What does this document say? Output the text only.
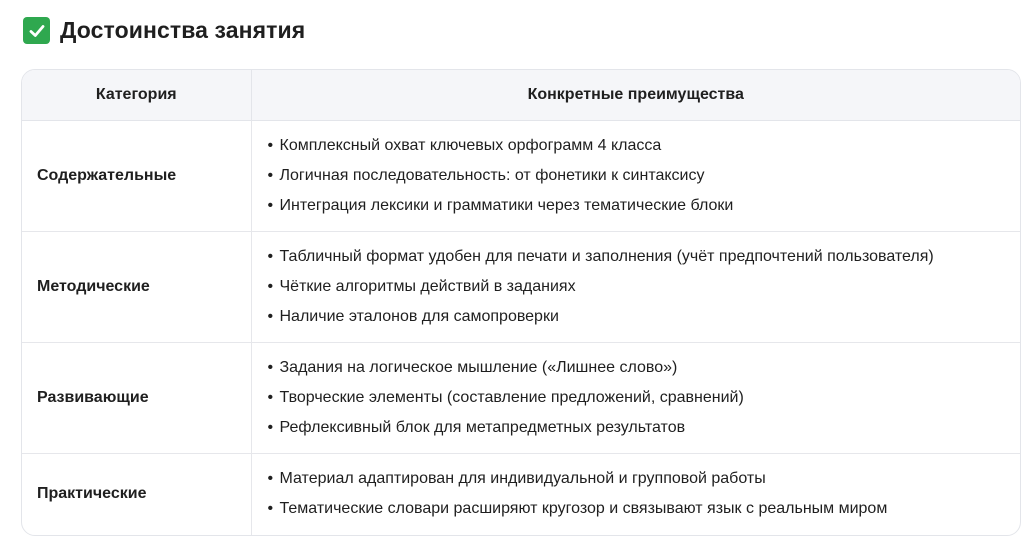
Достоинства занятия
Категория	Конкретные преимущества
Содержательные	• Комплексный охват ключевых орфограмм 4 класса
• Логичная последовательность: от фонетики к синтаксису
• Интеграция лексики и грамматики через тематические блоки

Методические	• Табличный формат удобен для печати и заполнения (учёт предпочтений пользователя)
• Чёткие алгоритмы действий в заданиях
• Наличие эталонов для самопроверки

Развивающие	• Задания на логическое мышление («Лишнее слово»)
• Творческие элементы (составление предложений, сравнений)
• Рефлексивный блок для метапредметных результатов

Практические	• Материал адаптирован для индивидуальной и групповой работы
• Тематические словари расширяют кругозор и связывают язык с реальным миром
